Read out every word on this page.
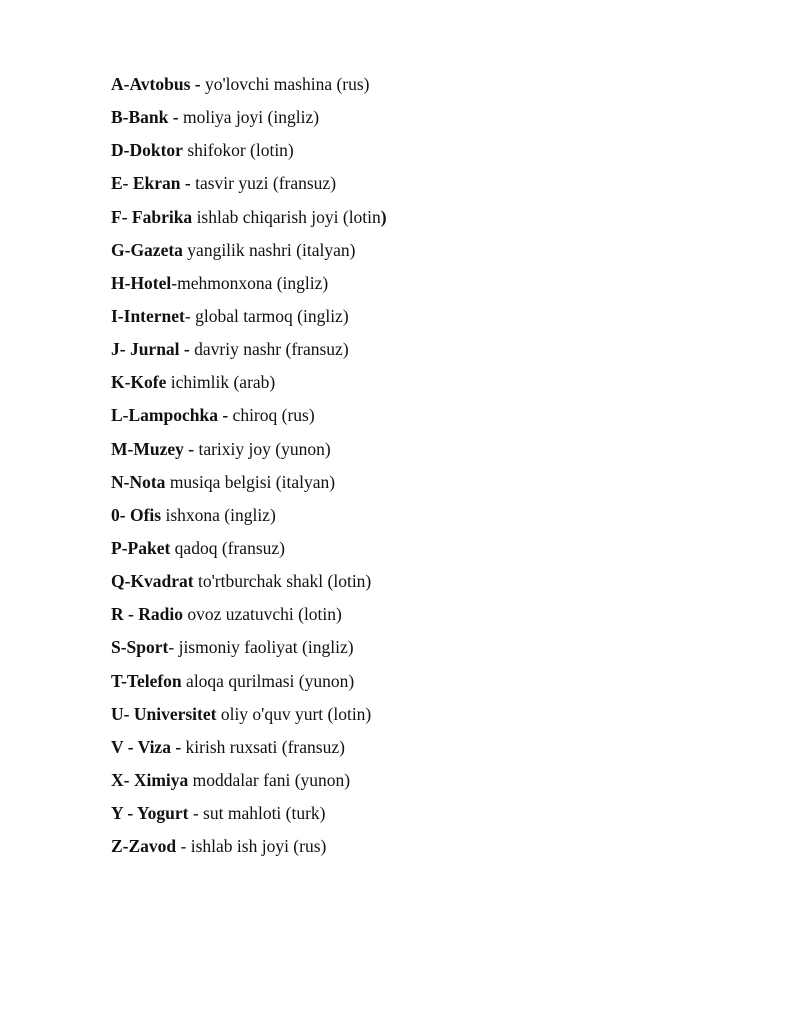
A-Avtobus - yo'lovchi mashina (rus)
B-Bank - moliya joyi (ingliz)
D-Doktor shifokor (lotin)
E- Ekran - tasvir yuzi (fransuz)
F- Fabrika ishlab chiqarish joyi (lotin)
G-Gazeta yangilik nashri (italyan)
H-Hotel-mehmonxona (ingliz)
I-Internet- global tarmoq (ingliz)
J- Jurnal - davriy nashr (fransuz)
K-Kofe ichimlik (arab)
L-Lampochka - chiroq (rus)
M-Muzey - tarixiy joy (yunon)
N-Nota musiqa belgisi (italyan)
0- Ofis ishxona (ingliz)
P-Paket qadoq (fransuz)
Q-Kvadrat to'rtburchak shakl (lotin)
R - Radio ovoz uzatuvchi (lotin)
S-Sport- jismoniy faoliyat (ingliz)
T-Telefon aloqa qurilmasi (yunon)
U- Universitet oliy o'quv yurt (lotin)
V - Viza - kirish ruxsati (fransuz)
X- Ximiya moddalar fani (yunon)
Y - Yogurt - sut mahloti (turk)
Z-Zavod - ishlab ish joyi (rus)
